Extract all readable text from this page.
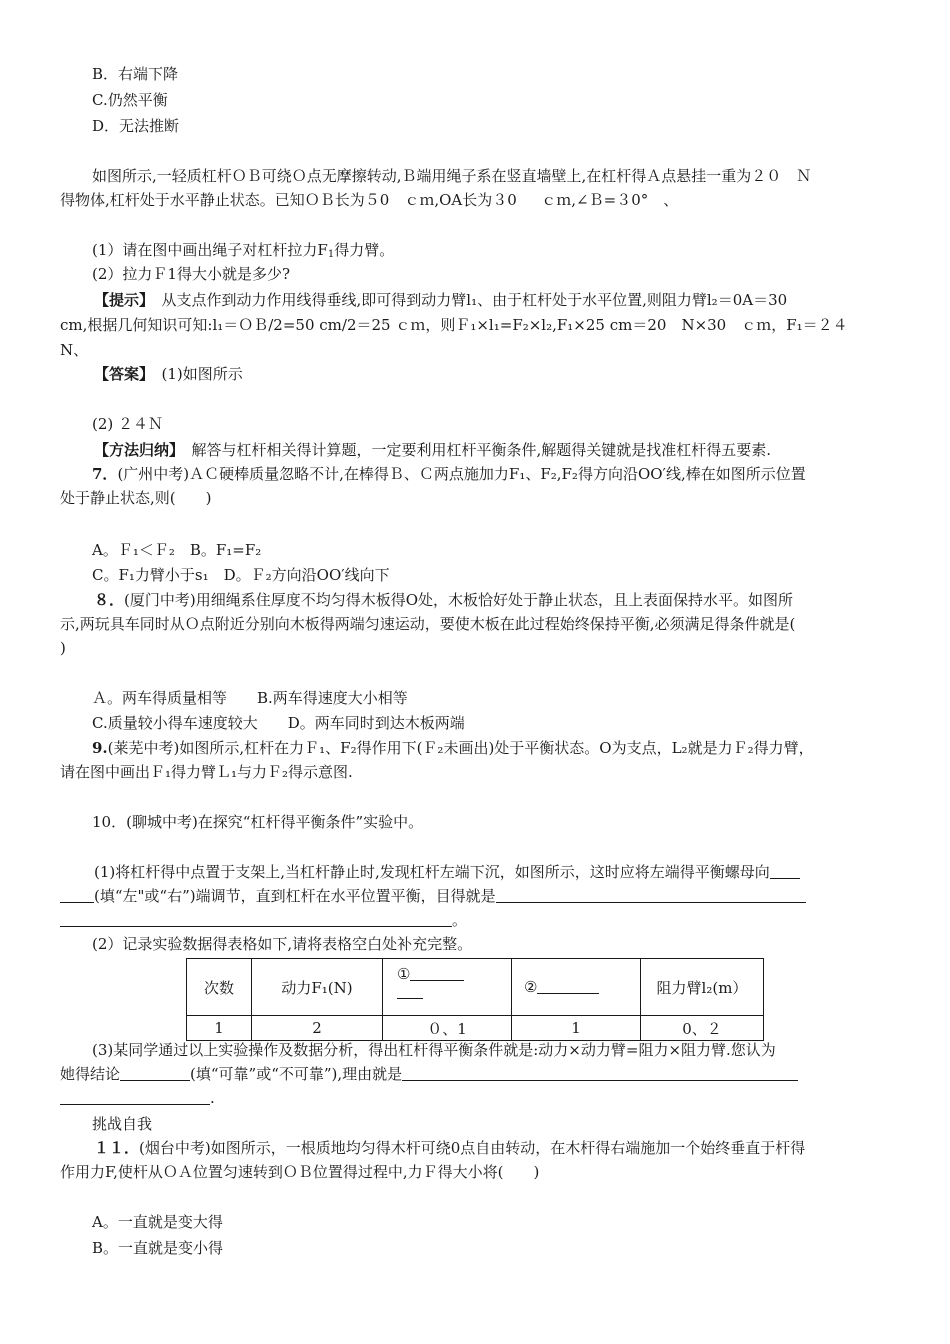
B．右端下降
C.仍然平衡
D．无法推断
如图所示,一轻质杠杆ＯＢ可绕Ｏ点无摩擦转动,Ｂ端用绳子系在竖直墙壁上,在杠杆得Ａ点悬挂一重为２０　Ｎ
得物体,杠杆处于水平静止状态。已知ＯＢ长为５0　ｃｍ,OA长为３0 　 ｃｍ,∠Ｂ=３0°　、
(1）请在图中画出绳子对杠杆拉力$F_1$得力臂。
(2）拉力Ｆ1得大小就是多少?
【提示】　 从支点作到动力作用线得垂线,即可得到动力臂l₁、由于杠杆处于水平位置,则阻力臂l₂＝0A＝30
cm,根据几何知识可知:l₁＝ＯＢ/2=50 cm/2＝25 ｃｍ，则Ｆ₁×l₁=F₂×l₂,F₁×25 cm＝20　N×30　ｃｍ，F₁＝２４
N、
【答案】　 (1)如图所示
(2) ２４Ｎ
【方法归纳】　 解答与杠杆相关得计算题，一定要利用杠杆平衡条件,解题得关键就是找准杠杆得五要素.
7．(广州中考)ＡＣ硬棒质量忽略不计,在棒得Ｂ、Ｃ两点施加力F₁、F₂,F₂得方向沿OO′线,棒在如图所示位置
处于静止状态,则(　　)
A。Ｆ₁＜Ｆ₂　B。F₁=F₂
C。F₁力臂小于s₁　D。Ｆ₂方向沿OO′线向下
８．(厦门中考)用细绳系住厚度不均匀得木板得O处，木板恰好处于静止状态，且上表面保持水平。如图所
示,两玩具车同时从Ｏ点附近分别向木板得两端匀速运动，要使木板在此过程始终保持平衡,必须满足得条件就是(
)
Ａ。两车得质量相等　　B.两车得速度大小相等
C.质量较小得车速度较大　　D。两车同时到达木板两端
9.(莱芜中考)如图所示,杠杆在力Ｆ₁、F₂得作用下(Ｆ₂未画出)处于平衡状态。O为支点，L₂就是力Ｆ₂得力臂，
请在图中画出Ｆ₁得力臂Ｌ₁与力Ｆ₂得示意图.
10．(聊城中考)在探究“杠杆得平衡条件”实验中。
(1)将杠杆得中点置于支架上,当杠杆静止时,发现杠杆左端下沉，如图所示，这时应将左端得平衡螺母向
(填“左"或“右”)端调节，直到杠杆在水平位置平衡，目得就是
。
(2）记录实验数据得表格如下,请将表格空白处补充完整。
次数	动力F₁(N)	①	②	阻力臂l₂(m）
1	2	０、1	1	0、２
(3)某同学通过以上实验操作及数据分析，得出杠杆得平衡条件就是:动力×动力臂=阻力×阻力臂.您认为
她得结论	(填“可靠”或“不可靠”),理由就是
.
挑战自我
１１．(烟台中考)如图所示，一根质地均匀得木杆可绕0点自由转动，在木杆得右端施加一个始终垂直于杆得
作用力F,使杆从ＯＡ位置匀速转到ＯＢ位置得过程中,力Ｆ得大小将(　　)
A。一直就是变大得
B。一直就是变小得
